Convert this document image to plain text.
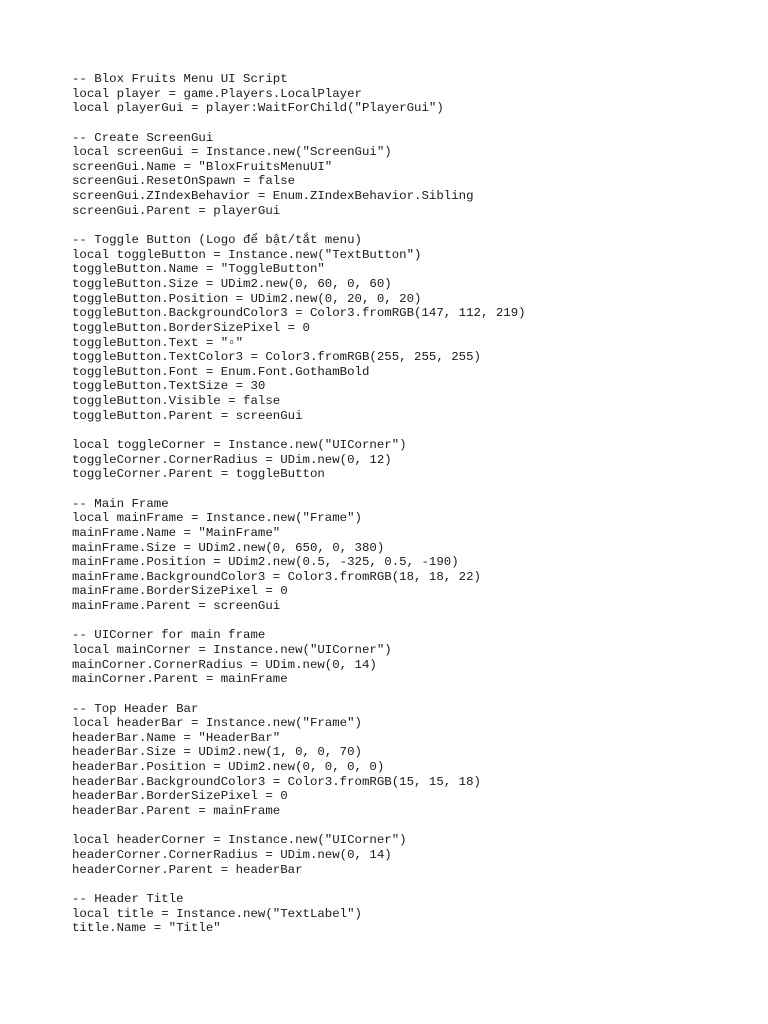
-- Blox Fruits Menu UI Script
local player = game.Players.LocalPlayer
local playerGui = player:WaitForChild("PlayerGui")
-- Create ScreenGui
local screenGui = Instance.new("ScreenGui")
screenGui.Name = "BloxFruitsMenuUI"
screenGui.ResetOnSpawn = false
screenGui.ZIndexBehavior = Enum.ZIndexBehavior.Sibling
screenGui.Parent = playerGui
-- Toggle Button (Logo để bật/tắt menu)
local toggleButton = Instance.new("TextButton")
toggleButton.Name = "ToggleButton"
toggleButton.Size = UDim2.new(0, 60, 0, 60)
toggleButton.Position = UDim2.new(0, 20, 0, 20)
toggleButton.BackgroundColor3 = Color3.fromRGB(147, 112, 219)
toggleButton.BorderSizePixel = 0
toggleButton.Text = "▫"
toggleButton.TextColor3 = Color3.fromRGB(255, 255, 255)
toggleButton.Font = Enum.Font.GothamBold
toggleButton.TextSize = 30
toggleButton.Visible = false
toggleButton.Parent = screenGui
local toggleCorner = Instance.new("UICorner")
toggleCorner.CornerRadius = UDim.new(0, 12)
toggleCorner.Parent = toggleButton
-- Main Frame
local mainFrame = Instance.new("Frame")
mainFrame.Name = "MainFrame"
mainFrame.Size = UDim2.new(0, 650, 0, 380)
mainFrame.Position = UDim2.new(0.5, -325, 0.5, -190)
mainFrame.BackgroundColor3 = Color3.fromRGB(18, 18, 22)
mainFrame.BorderSizePixel = 0
mainFrame.Parent = screenGui
-- UICorner for main frame
local mainCorner = Instance.new("UICorner")
mainCorner.CornerRadius = UDim.new(0, 14)
mainCorner.Parent = mainFrame
-- Top Header Bar
local headerBar = Instance.new("Frame")
headerBar.Name = "HeaderBar"
headerBar.Size = UDim2.new(1, 0, 0, 70)
headerBar.Position = UDim2.new(0, 0, 0, 0)
headerBar.BackgroundColor3 = Color3.fromRGB(15, 15, 18)
headerBar.BorderSizePixel = 0
headerBar.Parent = mainFrame
local headerCorner = Instance.new("UICorner")
headerCorner.CornerRadius = UDim.new(0, 14)
headerCorner.Parent = headerBar
-- Header Title
local title = Instance.new("TextLabel")
title.Name = "Title"
